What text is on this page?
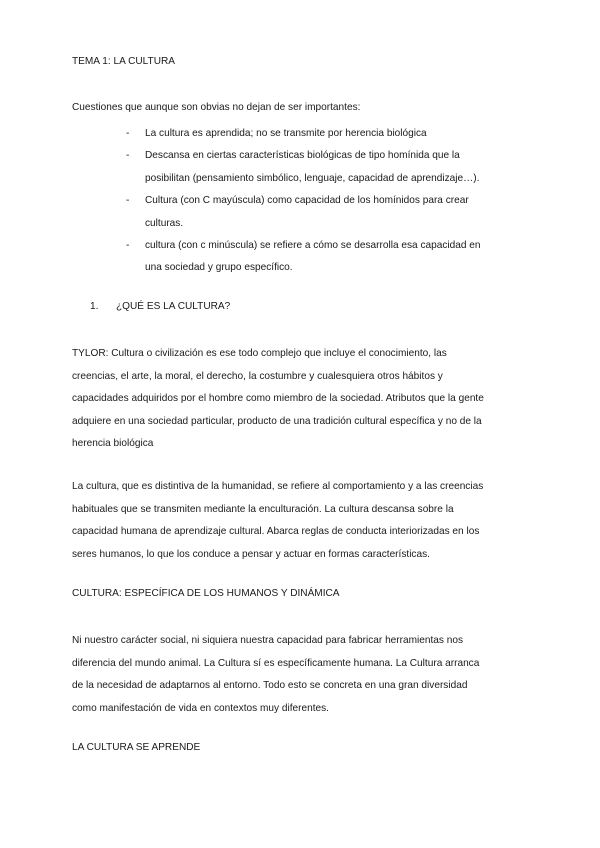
TEMA 1: LA CULTURA
Cuestiones que aunque son obvias no dejan de ser importantes:
- La cultura es aprendida; no se transmite por herencia biológica
- Descansa en ciertas características biológicas de tipo homínida que la
posibilitan (pensamiento simbólico, lenguaje, capacidad de aprendizaje…).
- Cultura (con C mayúscula) como capacidad de los homínidos para crear
culturas.
- cultura (con c minúscula) se refiere a cómo se desarrolla esa capacidad en
una sociedad y grupo específico.
1. ¿QUÉ ES LA CULTURA?
TYLOR: Cultura o civilización es ese todo complejo que incluye el conocimiento, las
creencias, el arte, la moral, el derecho, la costumbre y cualesquiera otros hábitos y
capacidades adquiridos por el hombre como miembro de la sociedad. Atributos que la gente
adquiere en una sociedad particular, producto de una tradición cultural específica y no de la
herencia biológica
La cultura, que es distintiva de la humanidad, se refiere al comportamiento y a las creencias
habituales que se transmiten mediante la enculturación. La cultura descansa sobre la
capacidad humana de aprendizaje cultural. Abarca reglas de conducta interiorizadas en los
seres humanos, lo que los conduce a pensar y actuar en formas características.
CULTURA: ESPECÍFICA DE LOS HUMANOS Y DINÁMICA
Ni nuestro carácter social, ni siquiera nuestra capacidad para fabricar herramientas nos
diferencia del mundo animal. La Cultura sí es específicamente humana. La Cultura arranca
de la necesidad de adaptarnos al entorno. Todo esto se concreta en una gran diversidad
como manifestación de vida en contextos muy diferentes.
LA CULTURA SE APRENDE
